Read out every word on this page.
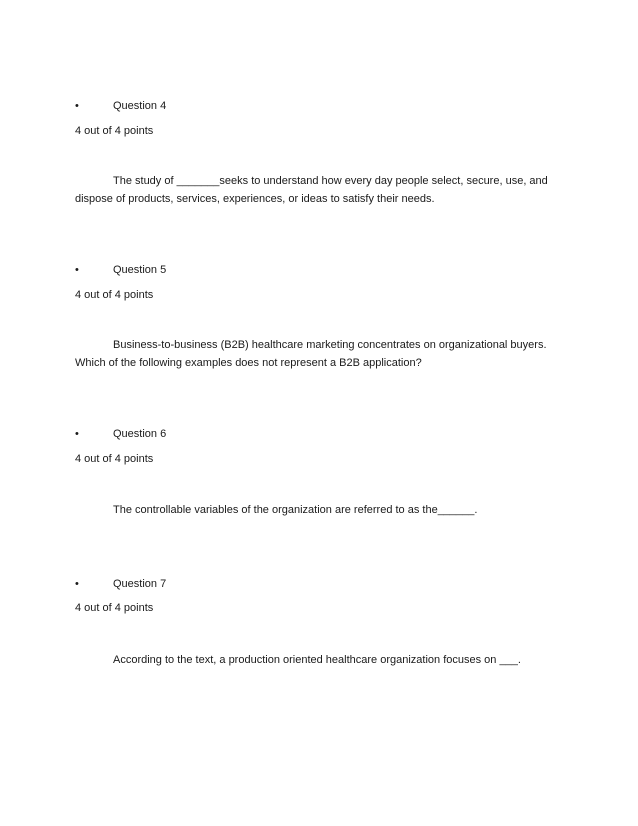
•	Question 4
4 out of 4 points
The study of _______seeks to understand how every day people select, secure, use, and dispose of products, services, experiences, or ideas to satisfy their needs.
•	Question 5
4 out of 4 points
Business-to-business (B2B) healthcare marketing concentrates on organizational buyers. Which of the following examples does not represent a B2B application?
•	Question 6
4 out of 4 points
The controllable variables of the organization are referred to as the______.
•	Question 7
4 out of 4 points
According to the text, a production oriented healthcare organization focuses on ___.
